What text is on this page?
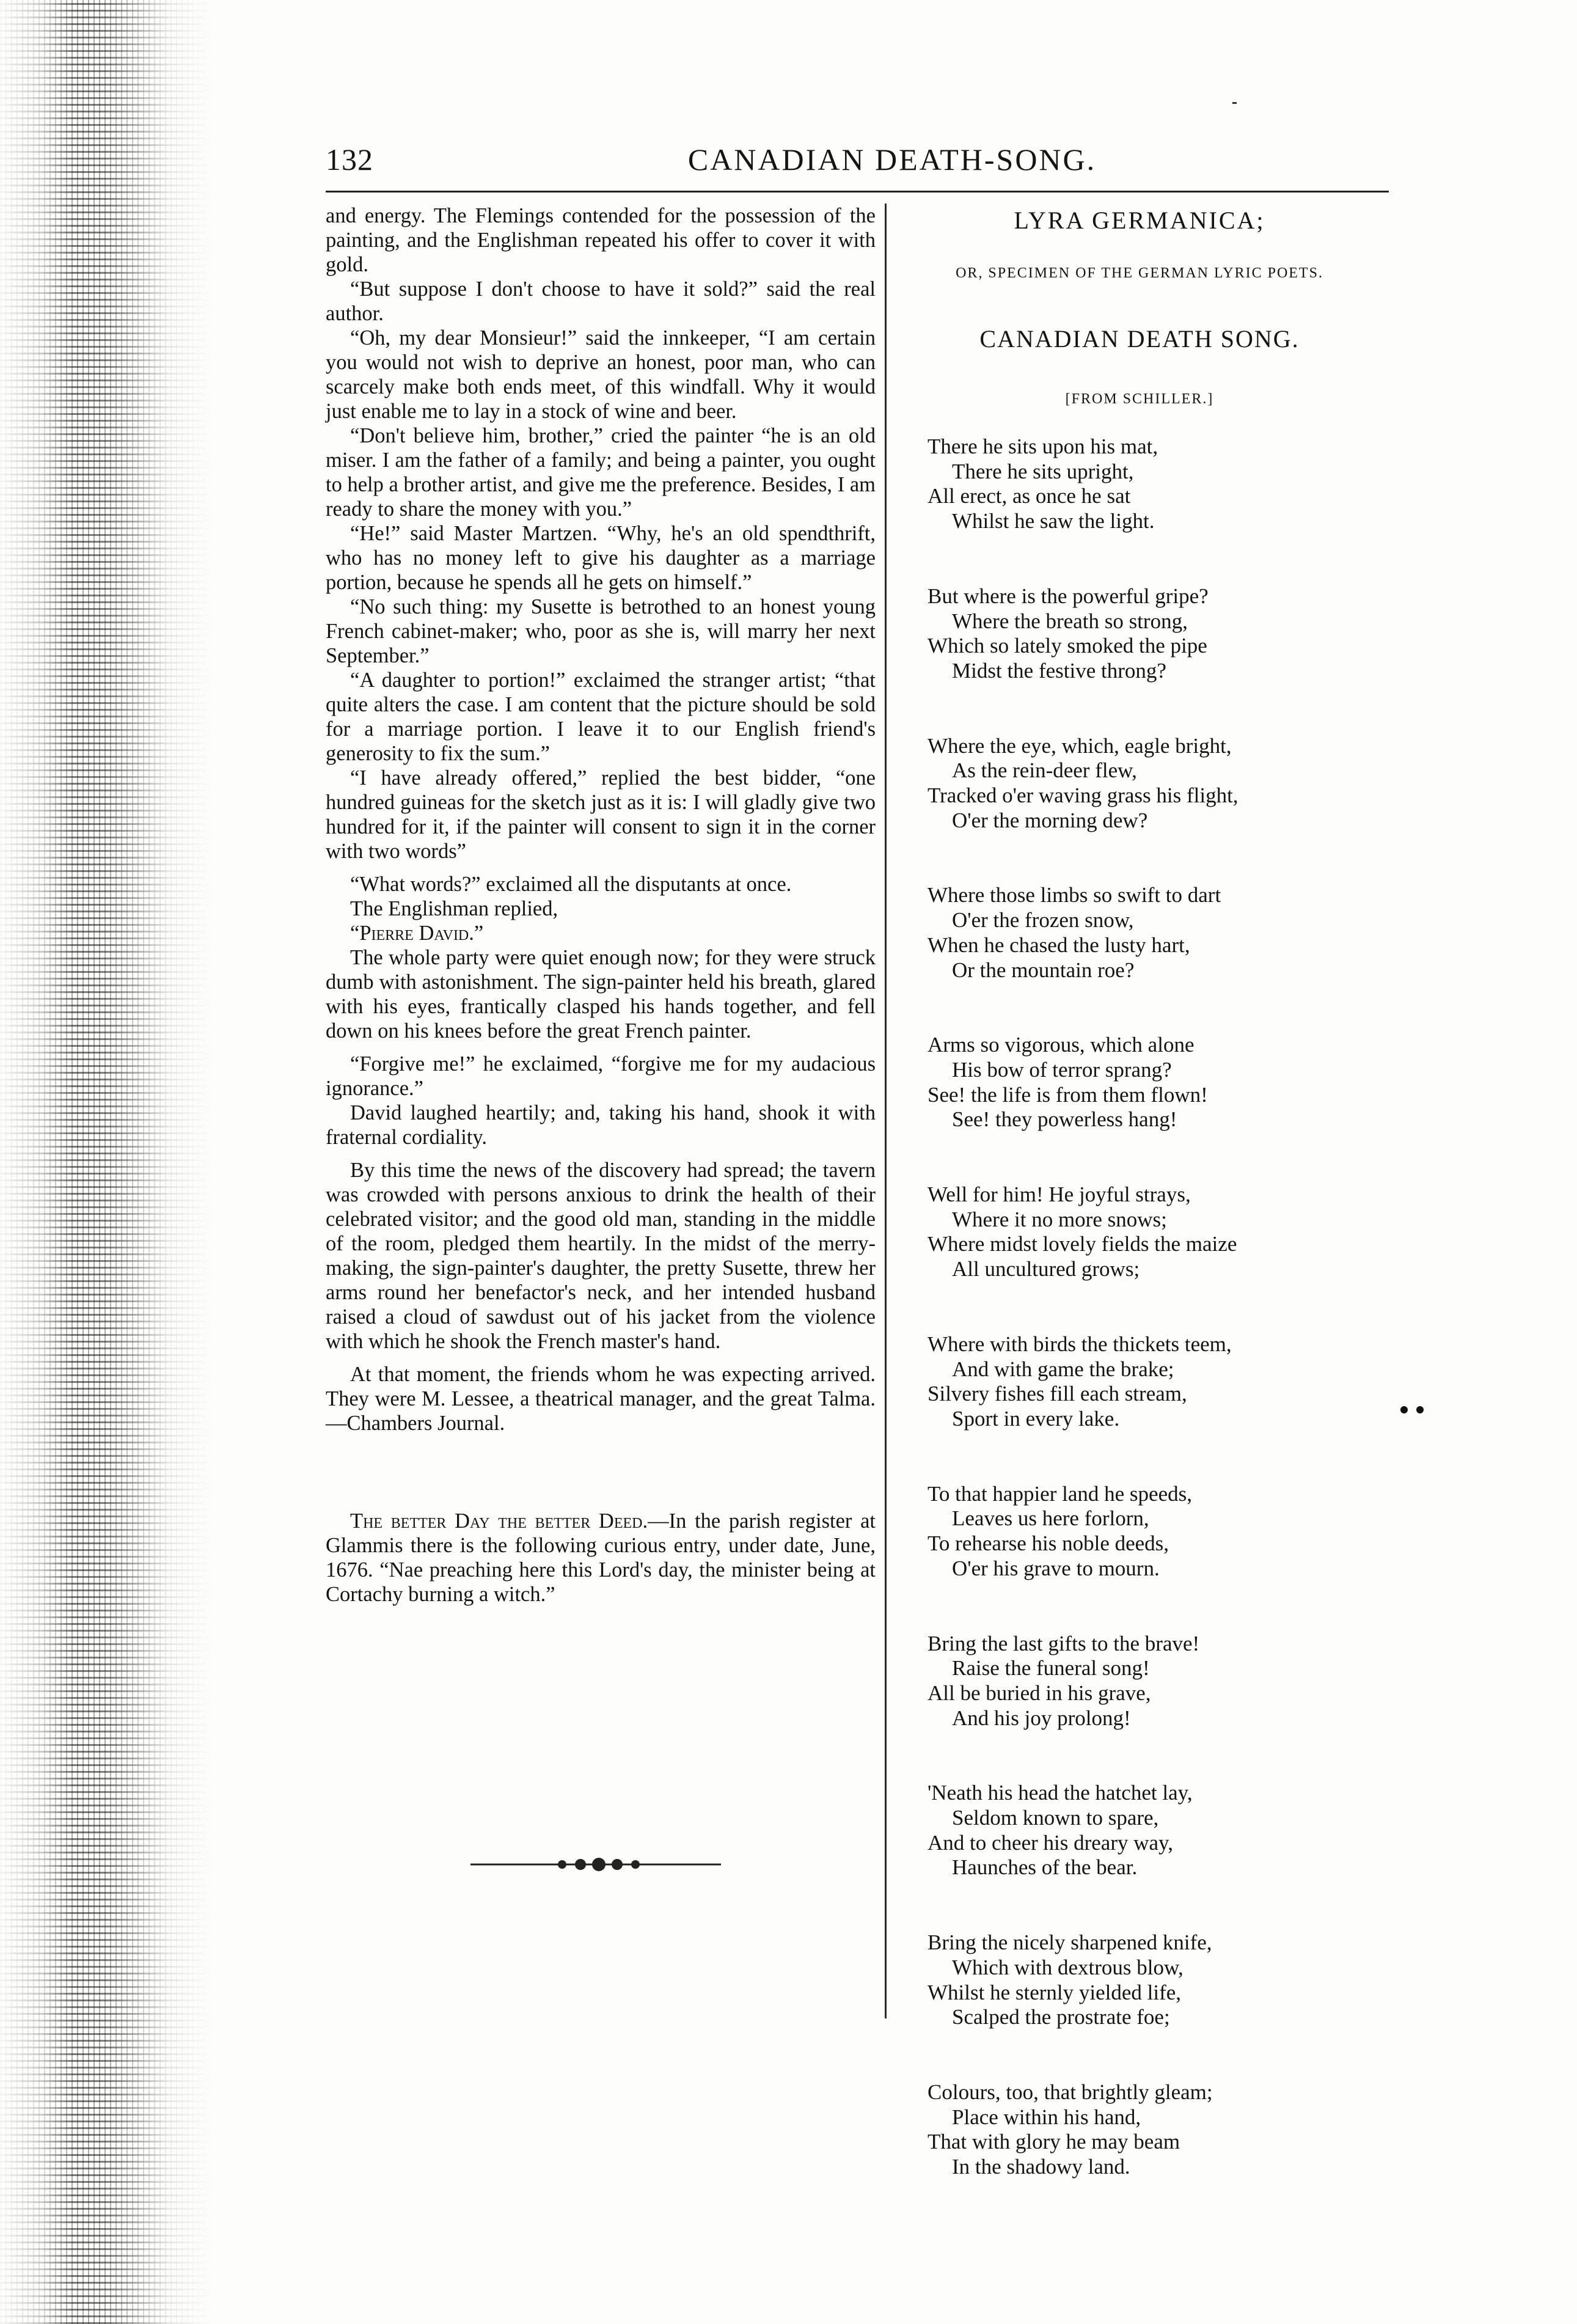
132	CANADIAN DEATH-SONG.

and energy. The Flemings contended for the possession of the painting, and the Englishman repeated his offer to cover it with gold.

“But suppose I don't choose to have it sold?” said the real author.

“Oh, my dear Monsieur!” said the innkeeper, “I am certain you would not wish to deprive an honest, poor man, who can scarcely make both ends meet, of this windfall. Why it would just enable me to lay in a stock of wine and beer.

“Don't believe him, brother,” cried the painter “he is an old miser. I am the father of a family; and being a painter, you ought to help a brother artist, and give me the preference. Besides, I am ready to share the money with you.”

“He!” said Master Martzen. “Why, he's an old spendthrift, who has no money left to give his daughter as a marriage portion, because he spends all he gets on himself.”

“No such thing: my Susette is betrothed to an honest young French cabinet-maker; who, poor as she is, will marry her next September.”

“A daughter to portion!” exclaimed the stranger artist; “that quite alters the case. I am content that the picture should be sold for a marriage portion. I leave it to our English friend's generosity to fix the sum.”

“I have already offered,” replied the best bidder, “one hundred guineas for the sketch just as it is: I will gladly give two hundred for it, if the painter will consent to sign it in the corner with two words”

“What words?” exclaimed all the disputants at once.

The Englishman replied,

“Pierre David.”

The whole party were quiet enough now; for they were struck dumb with astonishment. The sign-painter held his breath, glared with his eyes, frantically clasped his hands together, and fell down on his knees before the great French painter.

“Forgive me!” he exclaimed, “forgive me for my audacious ignorance.”

David laughed heartily; and, taking his hand, shook it with fraternal cordiality.

By this time the news of the discovery had spread; the tavern was crowded with persons anxious to drink the health of their celebrated visitor; and the good old man, standing in the middle of the room, pledged them heartily. In the midst of the merry-making, the sign-painter's daughter, the pretty Susette, threw her arms round her benefactor's neck, and her intended husband raised a cloud of sawdust out of his jacket from the violence with which he shook the French master's hand.

At that moment, the friends whom he was expecting arrived. They were M. Lessee, a theatrical manager, and the great Talma.—Chambers Journal.

The better Day the better Deed.—In the parish register at Glammis there is the following curious entry, under date, June, 1676. “Nae preaching here this Lord's day, the minister being at Cortachy burning a witch.”

LYRA GERMANICA;
OR, SPECIMEN OF THE GERMAN LYRIC POETS.
CANADIAN DEATH SONG.
[FROM SCHILLER.]
There he sits upon his mat,
There he sits upright,
All erect, as once he sat
Whilst he saw the light.
But where is the powerful gripe?
Where the breath so strong,
Which so lately smoked the pipe
Midst the festive throng?
Where the eye, which, eagle bright,
As the rein-deer flew,
Tracked o'er waving grass his flight,
O'er the morning dew?
Where those limbs so swift to dart
O'er the frozen snow,
When he chased the lusty hart,
Or the mountain roe?
Arms so vigorous, which alone
His bow of terror sprang?
See! the life is from them flown!
See! they powerless hang!
Well for him! He joyful strays,
Where it no more snows;
Where midst lovely fields the maize
All uncultured grows;
Where with birds the thickets teem,
And with game the brake;
Silvery fishes fill each stream,
Sport in every lake.
To that happier land he speeds,
Leaves us here forlorn,
To rehearse his noble deeds,
O'er his grave to mourn.
Bring the last gifts to the brave!
Raise the funeral song!
All be buried in his grave,
And his joy prolong!
'Neath his head the hatchet lay,
Seldom known to spare,
And to cheer his dreary way,
Haunches of the bear.
Bring the nicely sharpened knife,
Which with dextrous blow,
Whilst he sternly yielded life,
Scalped the prostrate foe;
Colours, too, that brightly gleam;
Place within his hand,
That with glory he may beam
In the shadowy land.
